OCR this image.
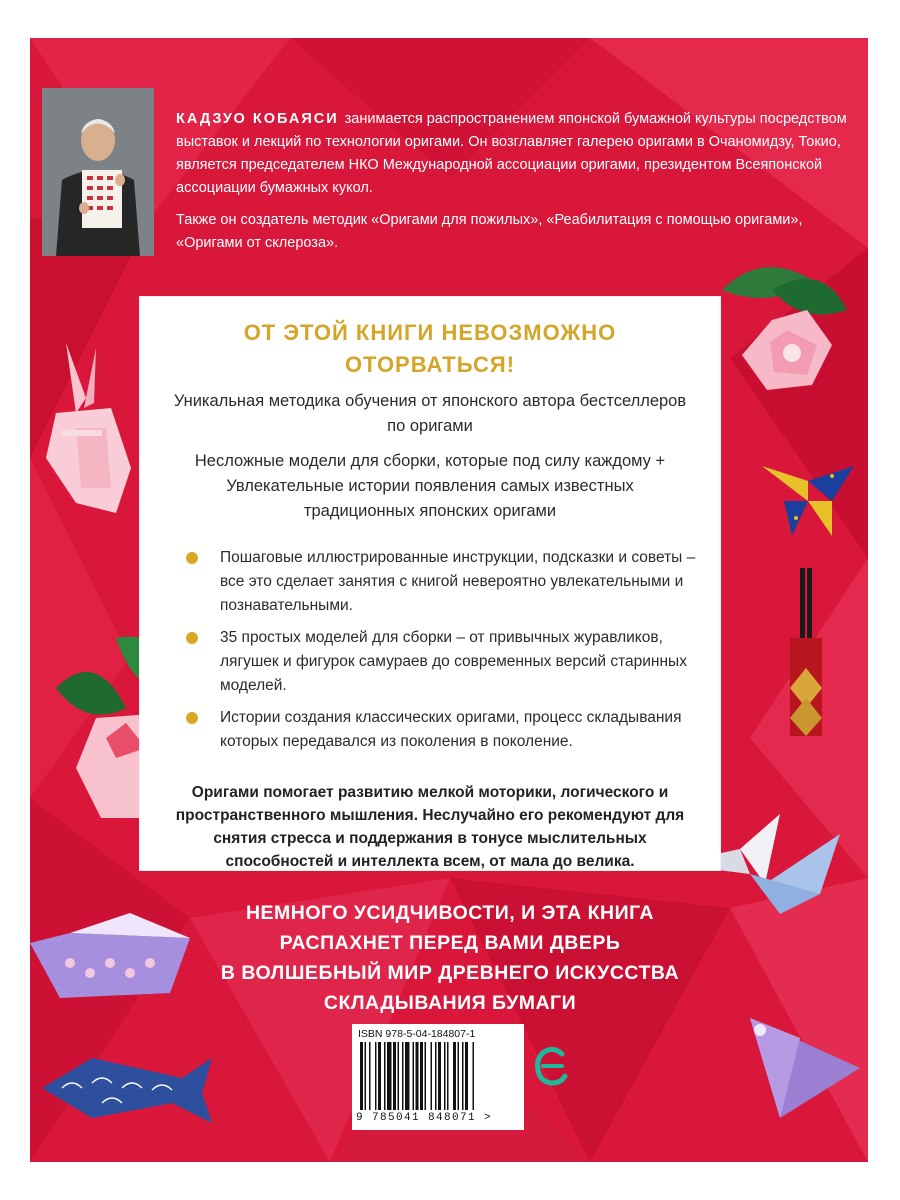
КАДЗУО КОБАЯСИ занимается распространением японской бумажной культуры посредством выставок и лекций по технологии оригами. Он возглавляет галерею оригами в Очаномидзу, Токио, является председателем НКО Международной ассоциации оригами, президентом Всеяпонской ассоциации бумажных кукол.

Также он создатель методик «Оригами для пожилых», «Реабилитация с помощью оригами», «Оригами от склероза».

ОТ ЭТОЙ КНИГИ НЕВОЗМОЖНО
ОТОРВАТЬСЯ!

Уникальная методика обучения от японского автора бестселлеров по оригами

Несложные модели для сборки, которые под силу каждому + Увлекательные истории появления самых известных традиционных японских оригами

Пошаговые иллюстрированные инструкции, подсказки и советы – все это сделает занятия с книгой невероятно увлекательными и познавательными.
35 простых моделей для сборки – от привычных журавликов, лягушек и фигурок самураев до современных версий старинных моделей.
Истории создания классических оригами, процесс складывания которых передавался из поколения в поколение.
Оригами помогает развитию мелкой моторики, логического и пространственного мышления. Неслучайно его рекомендуют для снятия стресса и поддержания в тонусе мыслительных способностей и интеллекта всем, от мала до велика.
НЕМНОГО УСИДЧИВОСТИ, И ЭТА КНИГА
РАСПАХНЕТ ПЕРЕД ВАМИ ДВЕРЬ
В ВОЛШЕБНЫЙ МИР ДРЕВНЕГО ИСКУССТВА
СКЛАДЫВАНИЯ БУМАГИ
ISBN 978-5-04-184807-1
9 785041 848071 >
